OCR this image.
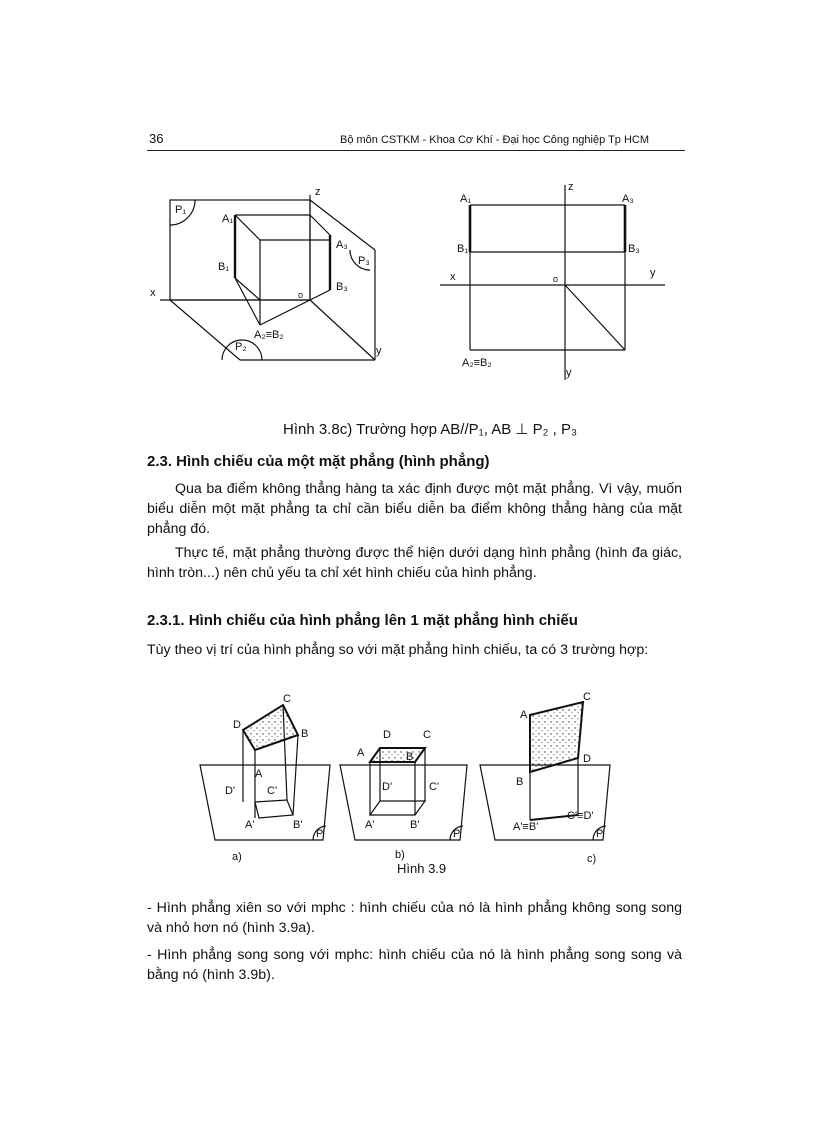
36	Bộ môn CSTKM - Khoa Cơ Khí - Đại học Công nghiệp Tp HCM
P₁
A₁
B₁
A₃
B₃
P₃
A₂≡B₂
P₂
x	o
z
y
A₁
B₁
A₃
B₃
A₂≡B₂
x	o
z
y
y
Hình 3.8c) Trường hợp AB//P₁, AB ⊥ P₂ , P₃
2.3. Hình chiếu của một mặt phẳng (hình phẳng)

Qua ba điểm không thẳng hàng ta xác định được một mặt phẳng. Vì vậy, muốn biểu diễn một mặt phẳng ta chỉ cần biểu diễn ba điểm không thẳng hàng của mặt phẳng đó.

Thực tế, mặt phẳng thường được thể hiện dưới dạng hình phẳng (hình đa giác, hình tròn...) nên chủ yếu ta chỉ xét hình chiếu của hình phẳng.

2.3.1. Hình chiếu của hình phẳng lên 1 mặt phẳng hình chiếu

Tùy theo vị trí của hình phẳng so với mặt phẳng hình chiếu, ta có 3 trường hợp:

D
C
B
A
D'	C'
A'	B'
P
a)
D	C
A	B
D'	C'
A'	B'
P
b)
A
C
D
B
A'≡B'
C'≡D'
P
c)
Hình 3.9

- Hình phẳng xiên so với mphc : hình chiếu của nó là hình phẳng không song song và nhỏ hơn nó (hình 3.9a).

- Hình phẳng song song với mphc: hình chiếu của nó là hình phẳng song song và bằng nó (hình 3.9b).
